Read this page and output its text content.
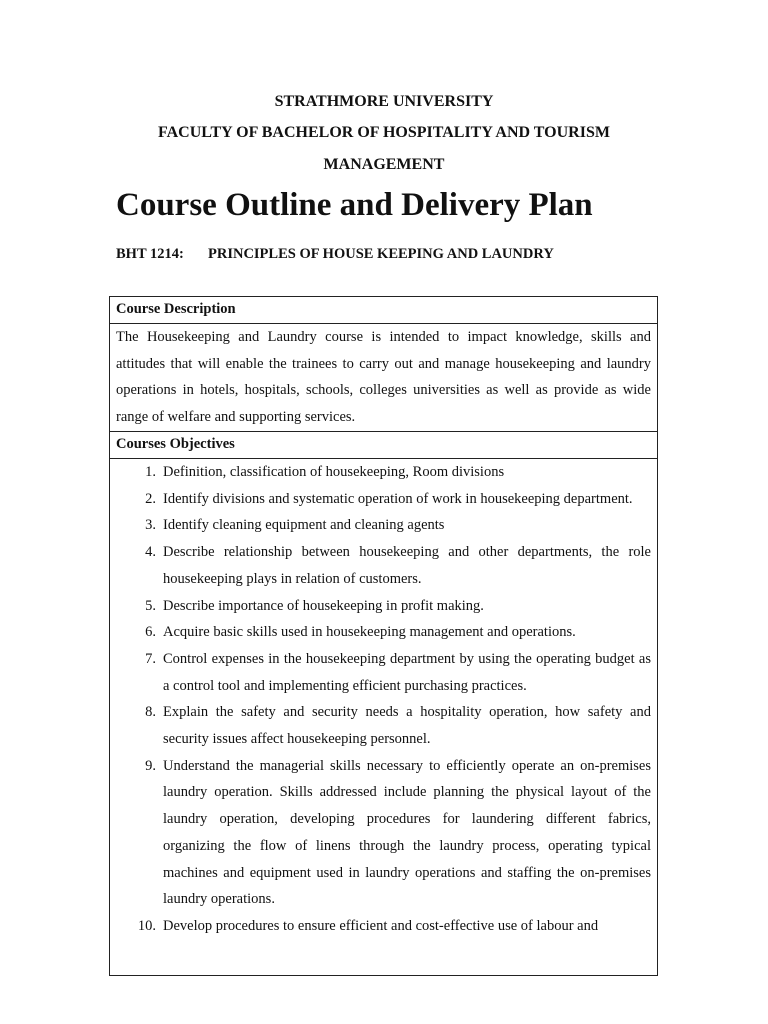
STRATHMORE UNIVERSITY
FACULTY OF BACHELOR OF HOSPITALITY AND TOURISM
MANAGEMENT
Course Outline and Delivery Plan
BHT 1214: PRINCIPLES OF HOUSE KEEPING AND LAUNDRY
Course Description
The Housekeeping and Laundry course is intended to impact knowledge, skills and attitudes that will enable the trainees to carry out and manage housekeeping and laundry operations in hotels, hospitals, schools, colleges universities as well as provide as wide range of welfare and supporting services.
Courses Objectives
1. Definition, classification of housekeeping, Room divisions
2. Identify divisions and systematic operation of work in housekeeping department.
3. Identify cleaning equipment and cleaning agents
4. Describe relationship between housekeeping and other departments, the role housekeeping plays in relation of customers.
5. Describe importance of housekeeping in profit making.
6. Acquire basic skills used in housekeeping management and operations.
7. Control expenses in the housekeeping department by using the operating budget as a control tool and implementing efficient purchasing practices.
8. Explain the safety and security needs a hospitality operation, how safety and security issues affect housekeeping personnel.
9. Understand the managerial skills necessary to efficiently operate an on-premises laundry operation. Skills addressed include planning the physical layout of the laundry operation, developing procedures for laundering different fabrics, organizing the flow of linens through the laundry process, operating typical machines and equipment used in laundry operations and staffing the on-premises laundry operations.
10. Develop procedures to ensure efficient and cost-effective use of labour and
